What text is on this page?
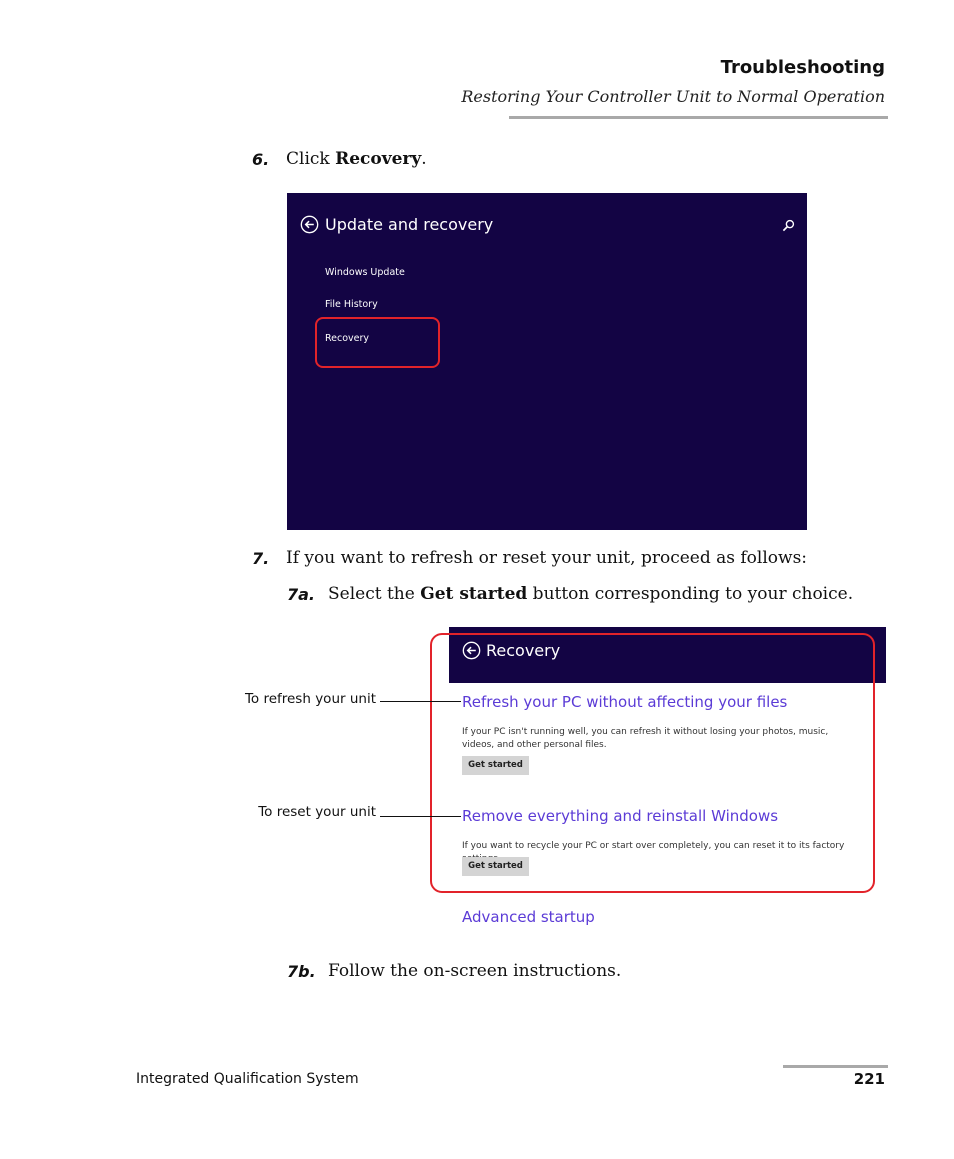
Troubleshooting
Restoring Your Controller Unit to Normal Operation
6. Click Recovery.
Update and recovery
Windows Update
File History
Recovery
7. If you want to refresh or reset your unit, proceed as follows:
7a. Select the Get started button corresponding to your choice.
Recovery
Refresh your PC without affecting your files
If your PC isn't running well, you can refresh it without losing your photos, music, videos, and other personal files.
Get started
Remove everything and reinstall Windows
If you want to recycle your PC or start over completely, you can reset it to its factory
Get started
Advanced startup
To refresh your unit
To reset your unit
7b. Follow the on-screen instructions.
Integrated Qualification System	221
